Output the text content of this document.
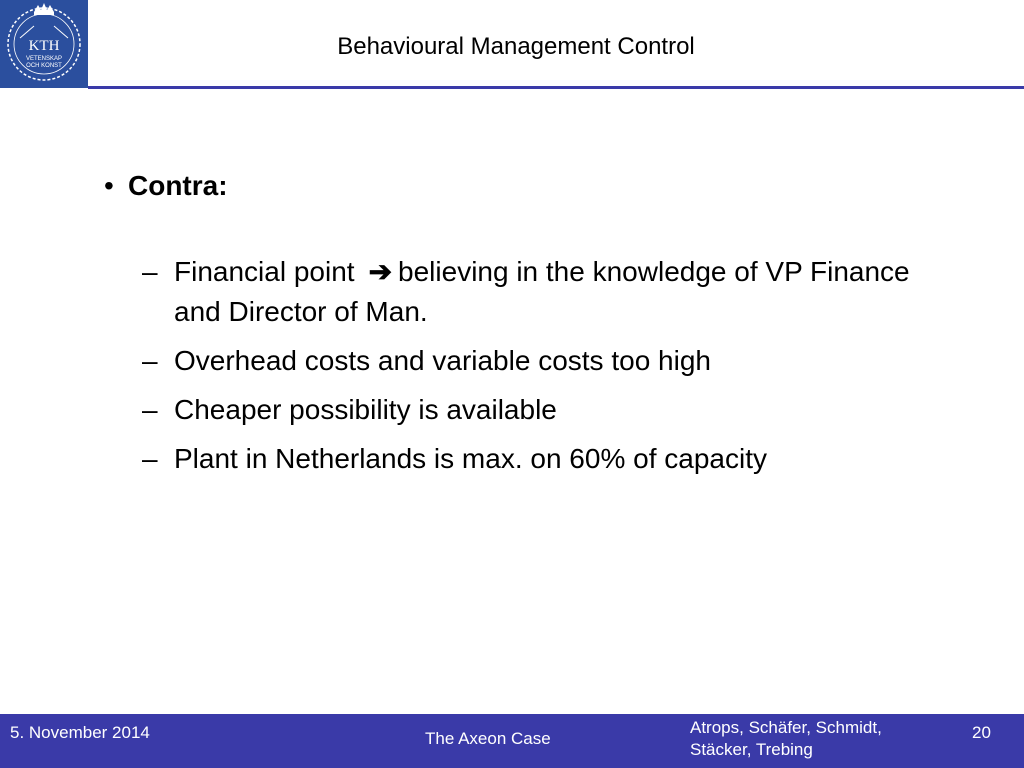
KTH
VETENSKAP
OCH KONST
Behavioural Management Control
• Contra:
– Financial point ➔ believing in the knowledge of VP Finance and Director of Man.
– Overhead costs and variable costs too high
– Cheaper possibility is available
– Plant in Netherlands is max. on 60% of capacity
5. November 2014	The Axeon Case
Atrops, Schäfer, Schmidt,
Stäcker, Trebing
20
